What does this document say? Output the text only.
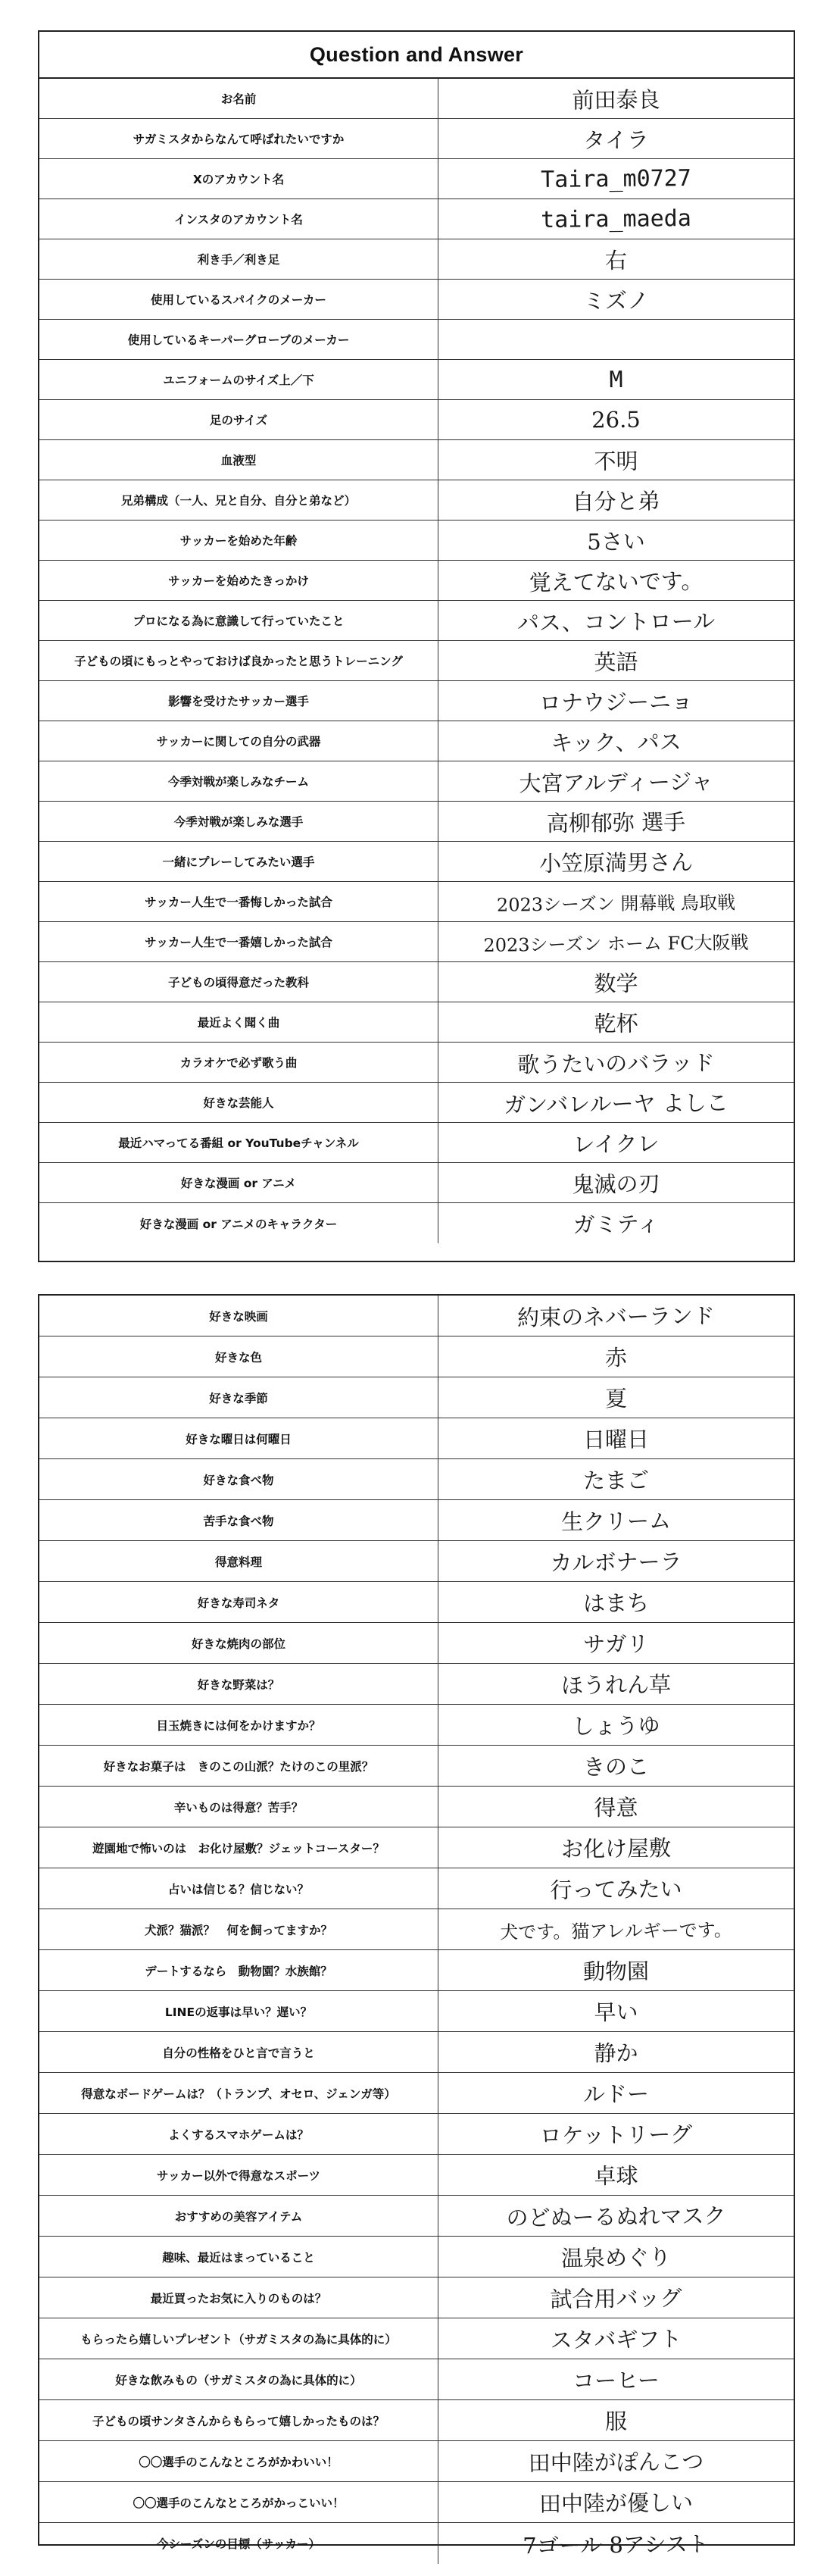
Question and Answer
お名前	前田泰良
サガミスタからなんて呼ばれたいですか	タイラ
Xのアカウント名	Taira_m0727
インスタのアカウント名	taira_maeda
利き手／利き足	右
使用しているスパイクのメーカー	ミズノ
使用しているキーパーグローブのメーカー
ユニフォームのサイズ上／下	M
足のサイズ	26.5
血液型	不明
兄弟構成（一人、兄と自分、自分と弟など）	自分と弟
サッカーを始めた年齢	5さい
サッカーを始めたきっかけ	覚えてないです。
プロになる為に意識して行っていたこと	パス、コントロール
子どもの頃にもっとやっておけば良かったと思うトレーニング	英語
影響を受けたサッカー選手	ロナウジーニョ
サッカーに関しての自分の武器	キック、パス
今季対戦が楽しみなチーム	大宮アルディージャ
今季対戦が楽しみな選手	高柳郁弥 選手
一緒にプレーしてみたい選手	小笠原満男さん
サッカー人生で一番悔しかった試合	2023シーズン 開幕戦 鳥取戦
サッカー人生で一番嬉しかった試合	2023シーズン ホーム FC大阪戦
子どもの頃得意だった教科	数学
最近よく聞く曲	乾杯
カラオケで必ず歌う曲	歌うたいのバラッド
好きな芸能人	ガンバレルーヤ よしこ
最近ハマってる番組 or YouTubeチャンネル	レイクレ
好きな漫画 or アニメ	鬼滅の刃
好きな漫画 or アニメのキャラクター	ガミティ
好きな映画	約束のネバーランド
好きな色	赤
好きな季節	夏
好きな曜日は何曜日	日曜日
好きな食べ物	たまご
苦手な食べ物	生クリーム
得意料理	カルボナーラ
好きな寿司ネタ	はまち
好きな焼肉の部位	サガリ
好きな野菜は？	ほうれん草
目玉焼きには何をかけますか？	しょうゆ
好きなお菓子は　きのこの山派？たけのこの里派？	きのこ
辛いものは得意？苦手？	得意
遊園地で怖いのは　お化け屋敷？ジェットコースター？	お化け屋敷
占いは信じる？信じない？	行ってみたい
犬派？猫派？　何を飼ってますか？	犬です。猫アレルギーです。
デートするなら　動物園？水族館？	動物園
LINEの返事は早い？遅い？	早い
自分の性格をひと言で言うと	静か
得意なボードゲームは？（トランプ、オセロ、ジェンガ等）	ルドー
よくするスマホゲームは？	ロケットリーグ
サッカー以外で得意なスポーツ	卓球
おすすめの美容アイテム	のどぬーるぬれマスク
趣味、最近はまっていること	温泉めぐり
最近買ったお気に入りのものは？	試合用バッグ
もらったら嬉しいプレゼント（サガミスタの為に具体的に）	スタバギフト
好きな飲みもの（サガミスタの為に具体的に）	コーヒー
子どもの頃サンタさんからもらって嬉しかったものは？	服
〇〇選手のこんなところがかわいい！	田中陸がぽんこつ
〇〇選手のこんなところがかっこいい！	田中陸が優しい
今シーズンの目標（サッカー）	7ゴール 8アシスト
